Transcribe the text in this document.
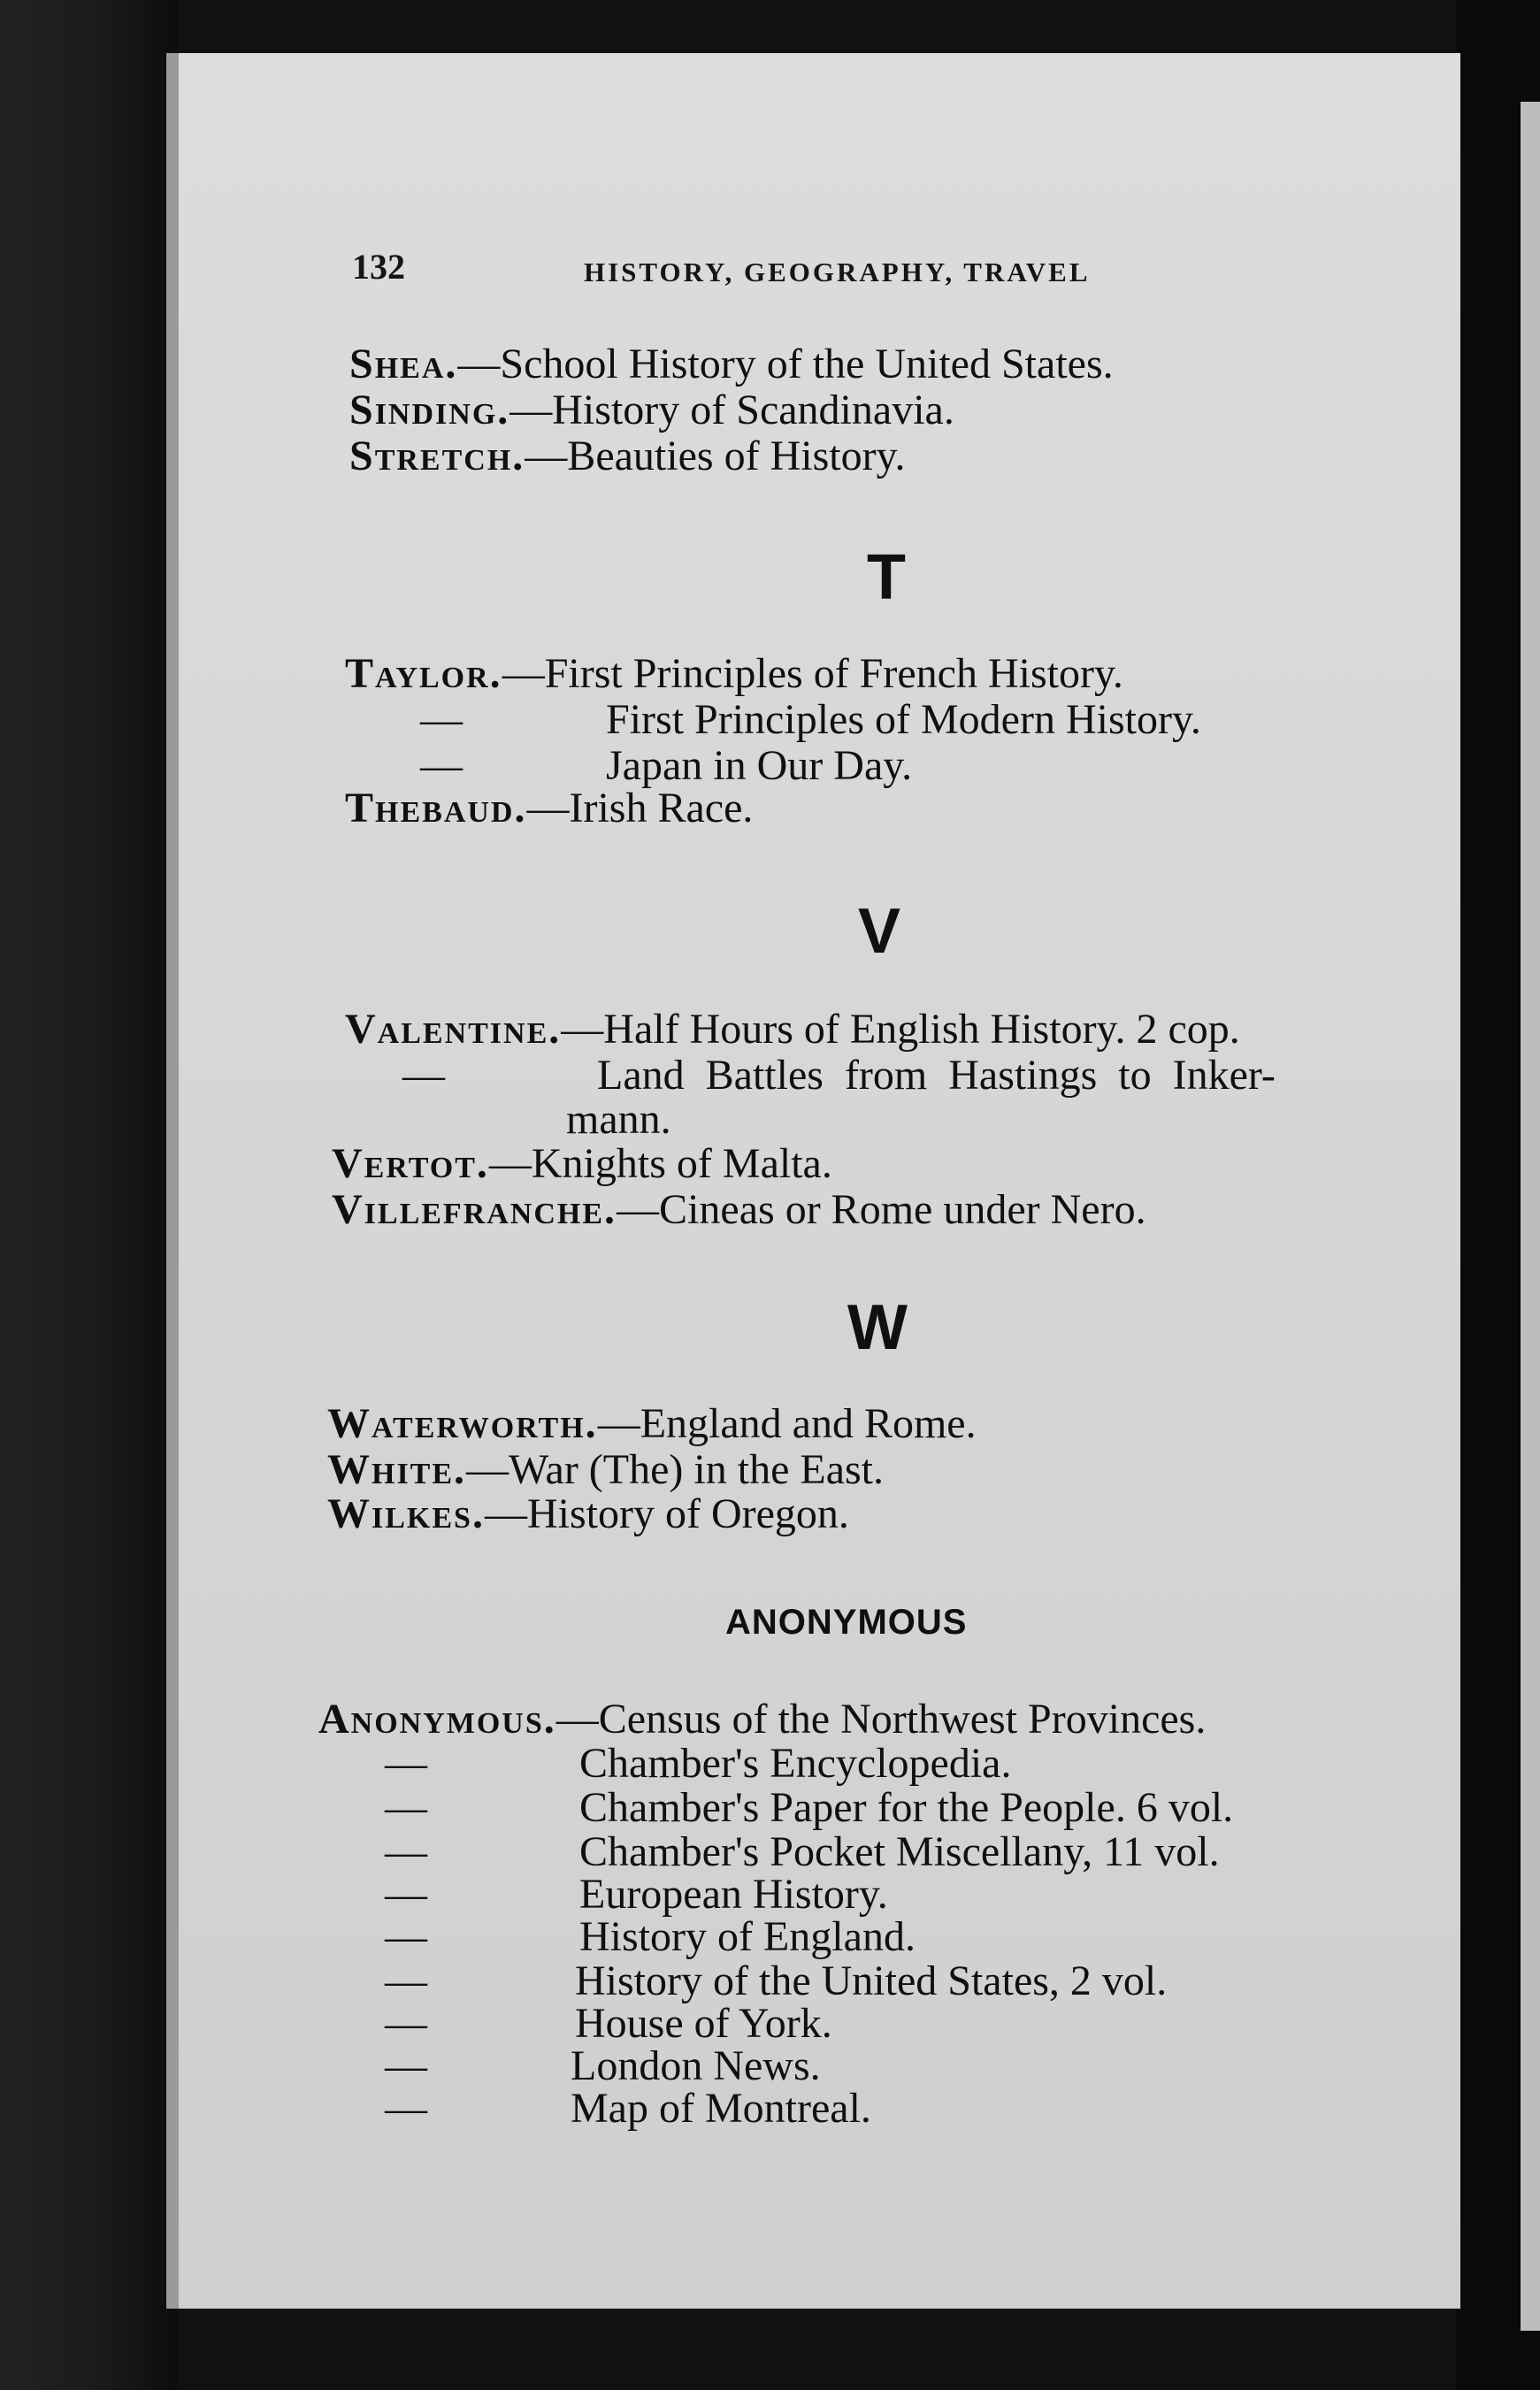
132	HISTORY, GEOGRAPHY, TRAVEL
Shea.—School History of the United States.
Sinding.—History of Scandinavia.
Stretch.—Beauties of History.
T
Taylor.—First Principles of French History.
—	First Principles of Modern History.
—	Japan in Our Day.
Thebaud.—Irish Race.
V
Valentine.—Half Hours of English History. 2 cop.
—	Land Battles from Hastings to Inker-
mann.
Vertot.—Knights of Malta.
Villefranche.—Cineas or Rome under Nero.
W
Waterworth.—England and Rome.
White.—War (The) in the East.
Wilkes.—History of Oregon.
ANONYMOUS
Anonymous.—Census of the Northwest Provinces.
—	Chamber's Encyclopedia.
—	Chamber's Paper for the People. 6 vol.
—	Chamber's Pocket Miscellany, 11 vol.
—	European History.
—	History of England.
—	History of the United States, 2 vol.
—	House of York.
—	London News.
—	Map of Montreal.
